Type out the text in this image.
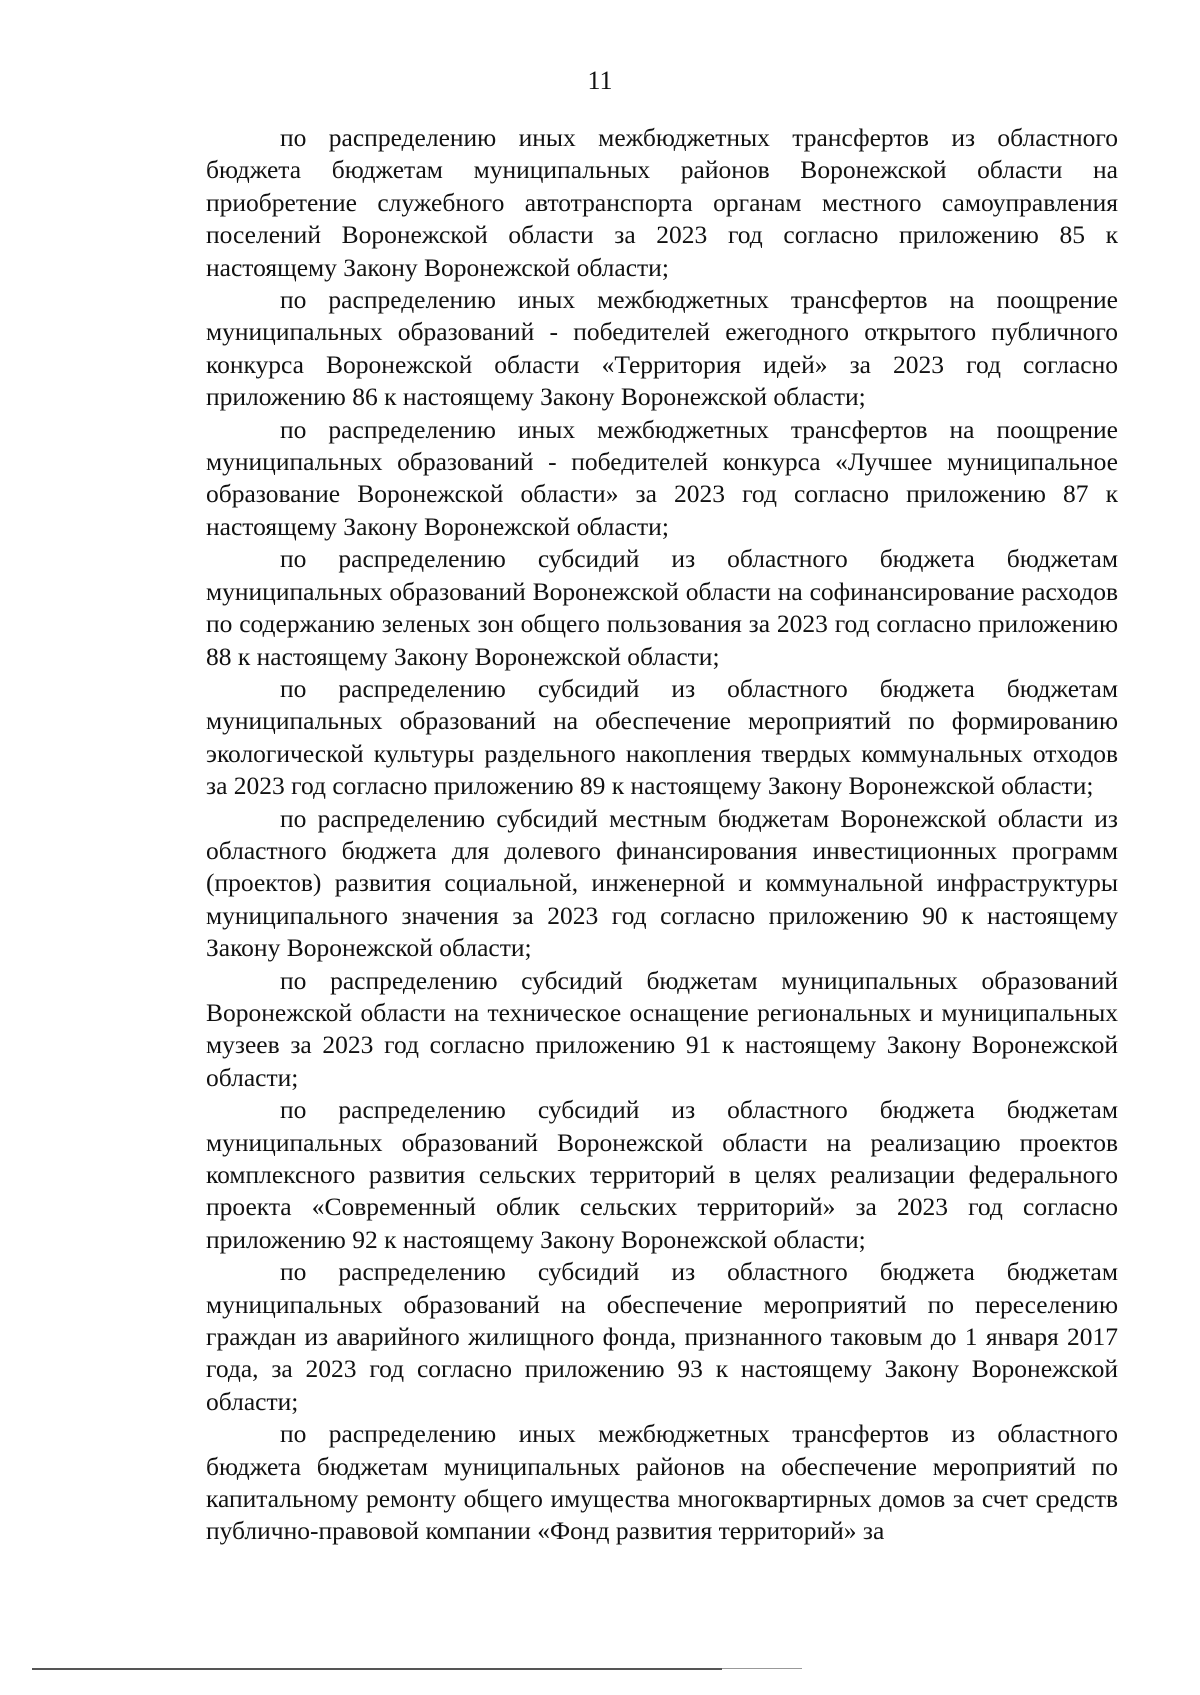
11

по распределению иных межбюджетных трансфертов из областного бюджета бюджетам муниципальных районов Воронежской области на приобретение служебного автотранспорта органам местного самоуправления поселений Воронежской области за 2023 год согласно приложению 85 к настоящему Закону Воронежской области;

по распределению иных межбюджетных трансфертов на поощрение муниципальных образований - победителей ежегодного открытого публичного конкурса Воронежской области «Территория идей» за 2023 год согласно приложению 86 к настоящему Закону Воронежской области;

по распределению иных межбюджетных трансфертов на поощрение муниципальных образований - победителей конкурса «Лучшее муниципальное образование Воронежской области» за 2023 год согласно приложению 87 к настоящему Закону Воронежской области;

по распределению субсидий из областного бюджета бюджетам муниципальных образований Воронежской области на софинансирование расходов по содержанию зеленых зон общего пользования за 2023 год согласно приложению 88 к настоящему Закону Воронежской области;

по распределению субсидий из областного бюджета бюджетам муниципальных образований на обеспечение мероприятий по формированию экологической культуры раздельного накопления твердых коммунальных отходов за 2023 год согласно приложению 89 к настоящему Закону Воронежской области;

по распределению субсидий местным бюджетам Воронежской области из областного бюджета для долевого финансирования инвестиционных программ (проектов) развития социальной, инженерной и коммунальной инфраструктуры муниципального значения за 2023 год согласно приложению 90 к настоящему Закону Воронежской области;

по распределению субсидий бюджетам муниципальных образований Воронежской области на техническое оснащение региональных и муниципальных музеев за 2023 год согласно приложению 91 к настоящему Закону Воронежской области;

по распределению субсидий из областного бюджета бюджетам муниципальных образований Воронежской области на реализацию проектов комплексного развития сельских территорий в целях реализации федерального проекта «Современный облик сельских территорий» за 2023 год согласно приложению 92 к настоящему Закону Воронежской области;

по распределению субсидий из областного бюджета бюджетам муниципальных образований на обеспечение мероприятий по переселению граждан из аварийного жилищного фонда, признанного таковым до 1 января 2017 года, за 2023 год согласно приложению 93 к настоящему Закону Воронежской области;

по распределению иных межбюджетных трансфертов из областного бюджета бюджетам муниципальных районов на обеспечение мероприятий по капитальному ремонту общего имущества многоквартирных домов за счет средств публично-правовой компании «Фонд развития территорий» за
